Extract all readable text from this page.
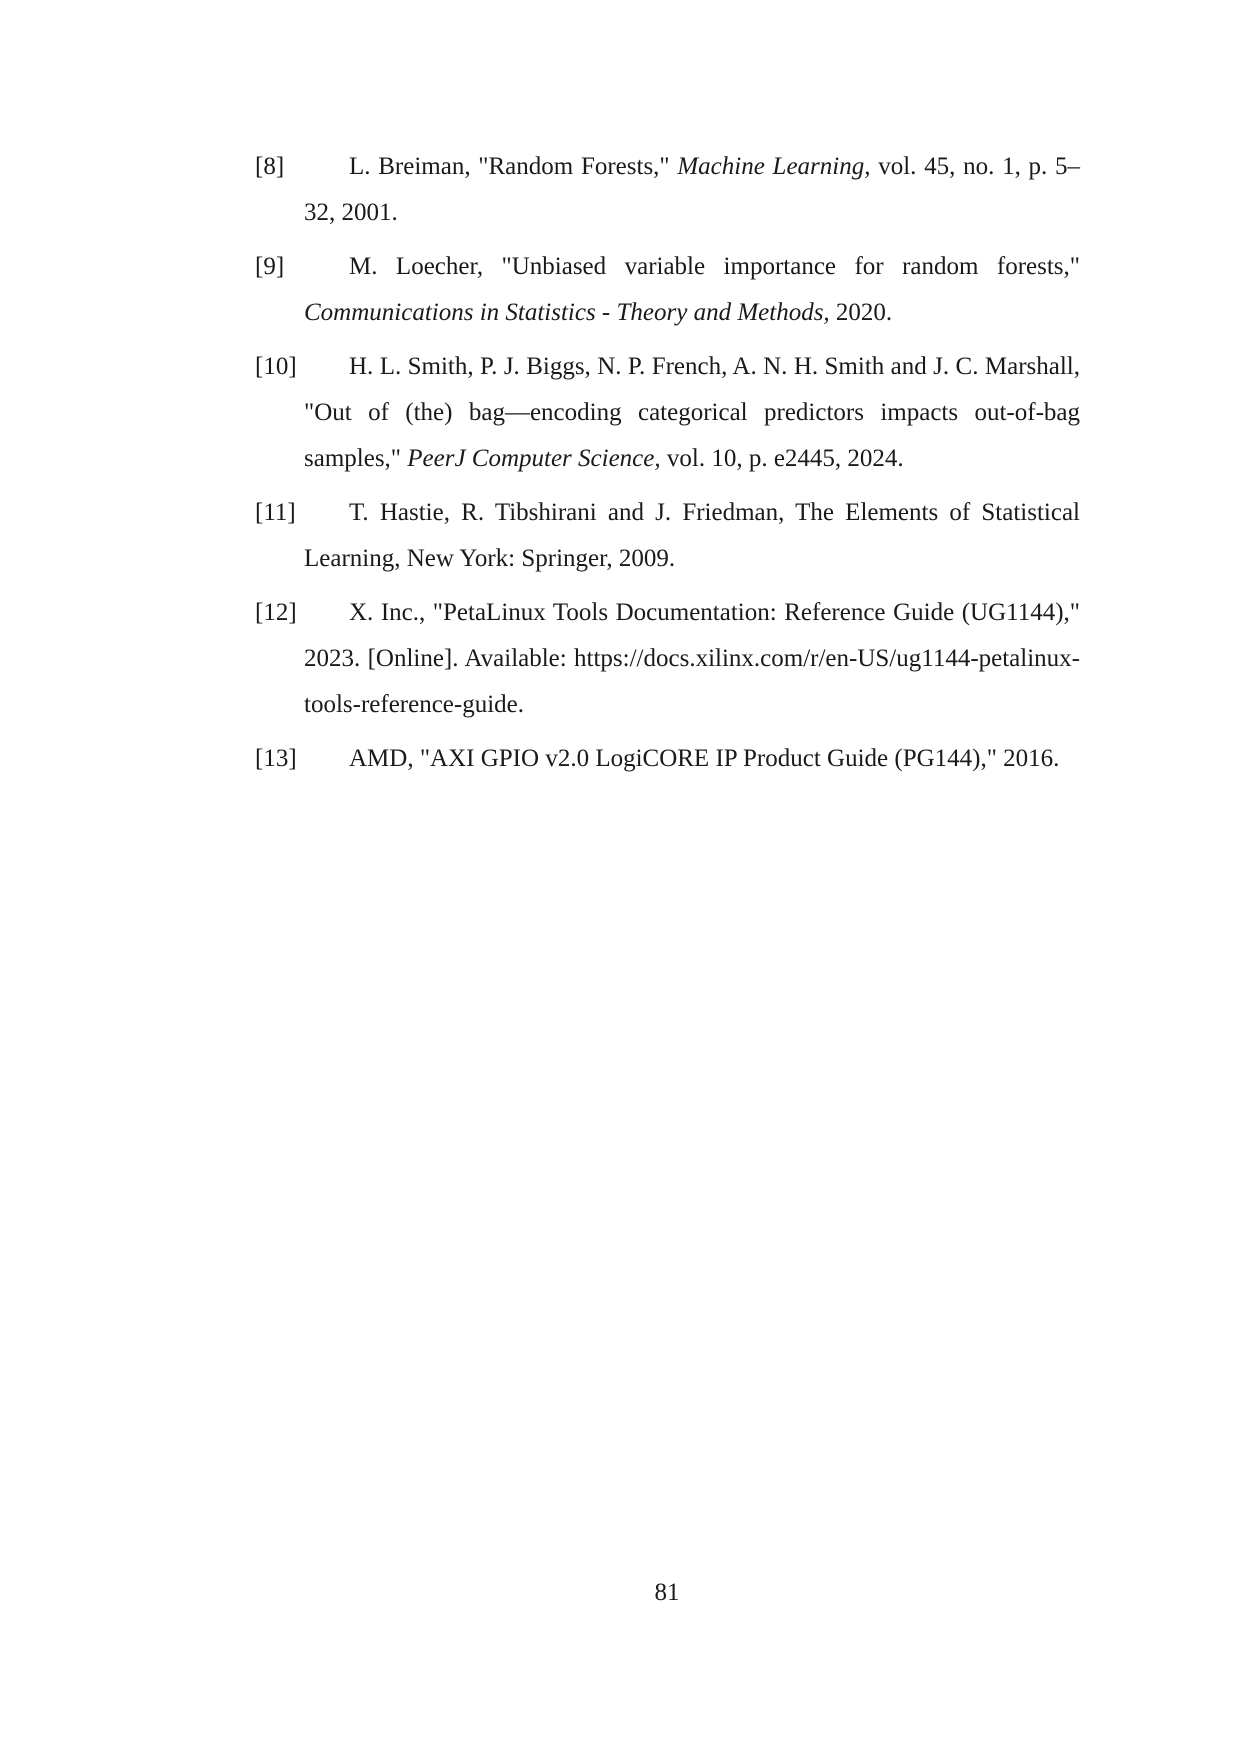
[8]	L. Breiman, "Random Forests," Machine Learning, vol. 45, no. 1, p. 5–32, 2001.
[9]	M. Loecher, "Unbiased variable importance for random forests," Communications in Statistics - Theory and Methods, 2020.
[10]	H. L. Smith, P. J. Biggs, N. P. French, A. N. H. Smith and J. C. Marshall, "Out of (the) bag—encoding categorical predictors impacts out-of-bag samples," PeerJ Computer Science, vol. 10, p. e2445, 2024.
[11]	T. Hastie, R. Tibshirani and J. Friedman, The Elements of Statistical Learning, New York: Springer, 2009.
[12]	X. Inc., "PetaLinux Tools Documentation: Reference Guide (UG1144)," 2023. [Online]. Available: https://docs.xilinx.com/r/en-US/ug1144-petalinux-tools-reference-guide.
[13]	AMD, "AXI GPIO v2.0 LogiCORE IP Product Guide (PG144)," 2016.
81
